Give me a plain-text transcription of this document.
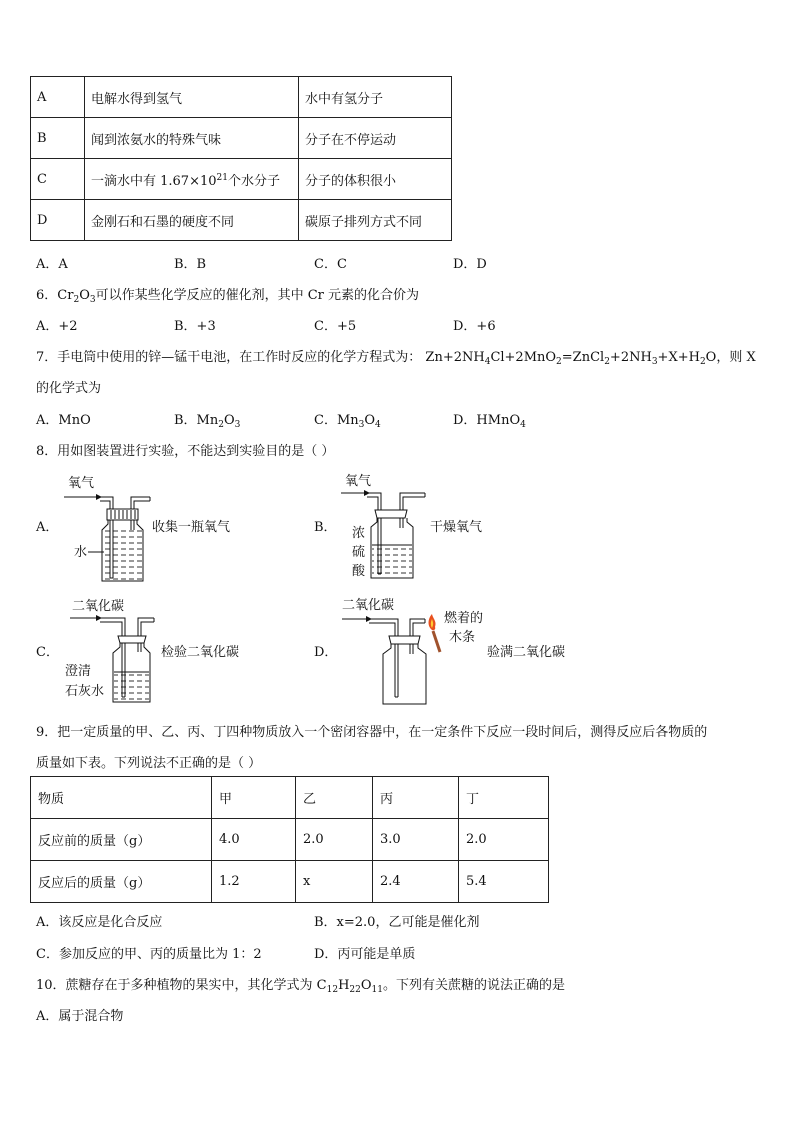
A	电解水得到氢气	水中有氢分子
B	闻到浓氨水的特殊气味	分子在不停运动
C	一滴水中有 $1.67\times 10^{21}$个水分子	分子的体积很小
D	金刚石和石墨的硬度不同	碳原子排列方式不同
A．A	B．B	C．C	D．D
6．$Cr_2O_3$可以作某些化学反应的催化剂，其中 Cr 元素的化合价为
A．+2	B．+3	C．+5	D．+6
7．手电筒中使用的锌—锰干电池，在工作时反应的化学方程式为： $Zn+2NH_4Cl+2MnO_2=ZnCl_2+2NH_3+X+H_2O$，则 X
的化学式为
A．MnO	B．$Mn_2O_3$	C．$Mn_3O_4$	D．HMnO$_4$
8．用如图装置进行实验，不能达到实验目的是（ ）
A．
氧气
水
收集一瓶氧气	B．
氧气
浓
硫
酸
干燥氧气
C．
二氧化碳
澄清
石灰水
检验二氧化碳	D．
二氧化碳
燃着的
木条
验满二氧化碳
9．把一定质量的甲、乙、丙、丁四种物质放入一个密闭容器中，在一定条件下反应一段时间后，测得反应后各物质的
质量如下表。下列说法不正确的是（ ）
物质	甲	乙	丙	丁
反应前的质量（g）	4.0	2.0	3.0	2.0
反应后的质量（g）	1.2	x	2.4	5.4
A．该反应是化合反应	B．x=2.0，乙可能是催化剂
C．参加反应的甲、丙的质量比为 1：2	D．丙可能是单质
10．蔗糖存在于多种植物的果实中，其化学式为 $C_{12}H_{22}O_{11}$。下列有关蔗糖的说法正确的是
A．属于混合物
